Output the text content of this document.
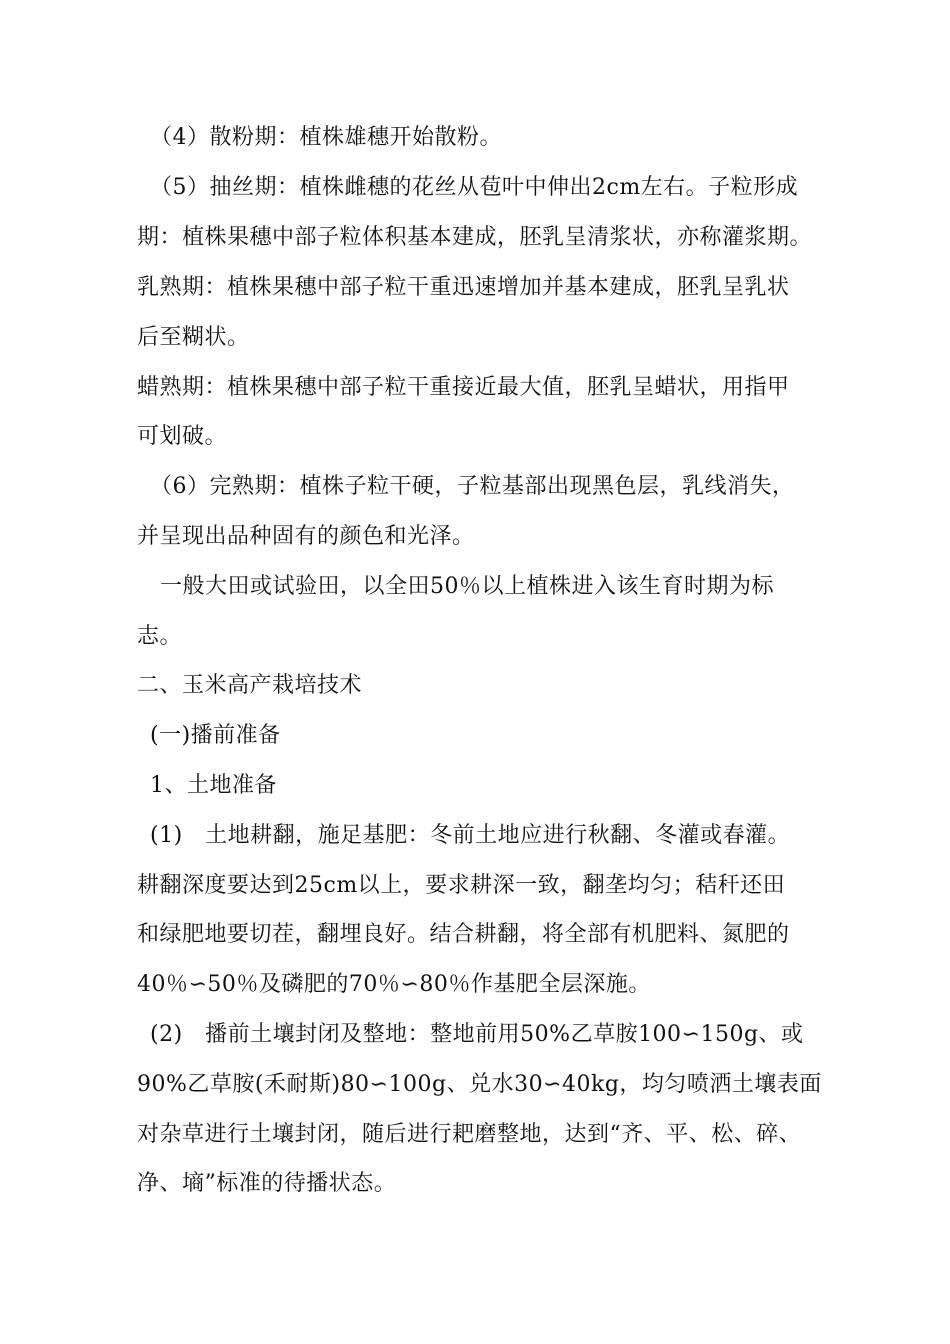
（4）散粉期：植株雄穗开始散粉。
（5）抽丝期：植株雌穗的花丝从苞叶中伸出2cm左右。子粒形成
期：植株果穗中部子粒体积基本建成，胚乳呈清浆状，亦称灌浆期。
乳熟期：植株果穗中部子粒干重迅速增加并基本建成，胚乳呈乳状
后至糊状。
蜡熟期：植株果穗中部子粒干重接近最大值，胚乳呈蜡状，用指甲
可划破。
（6）完熟期：植株子粒干硬，子粒基部出现黑色层，乳线消失，
并呈现出品种固有的颜色和光泽。
一般大田或试验田，以全田50％以上植株进入该生育时期为标
志。
二、玉米高产栽培技术
(一)播前准备
1、土地准备
(1)　土地耕翻，施足基肥：冬前土地应进行秋翻、冬灌或春灌。
耕翻深度要达到25cm以上，要求耕深一致，翻垄均匀；秸秆还田
和绿肥地要切茬，翻埋良好。结合耕翻，将全部有机肥料、氮肥的
40％∽50％及磷肥的70％∽80％作基肥全层深施。
(2)　播前土壤封闭及整地：整地前用50%乙草胺100∽150g、或
90%乙草胺(禾耐斯)80∽100g、兑水30∽40kg，均匀喷洒土壤表面
对杂草进行土壤封闭，随后进行耙磨整地，达到“齐、平、松、碎、
净、墒”标准的待播状态。
